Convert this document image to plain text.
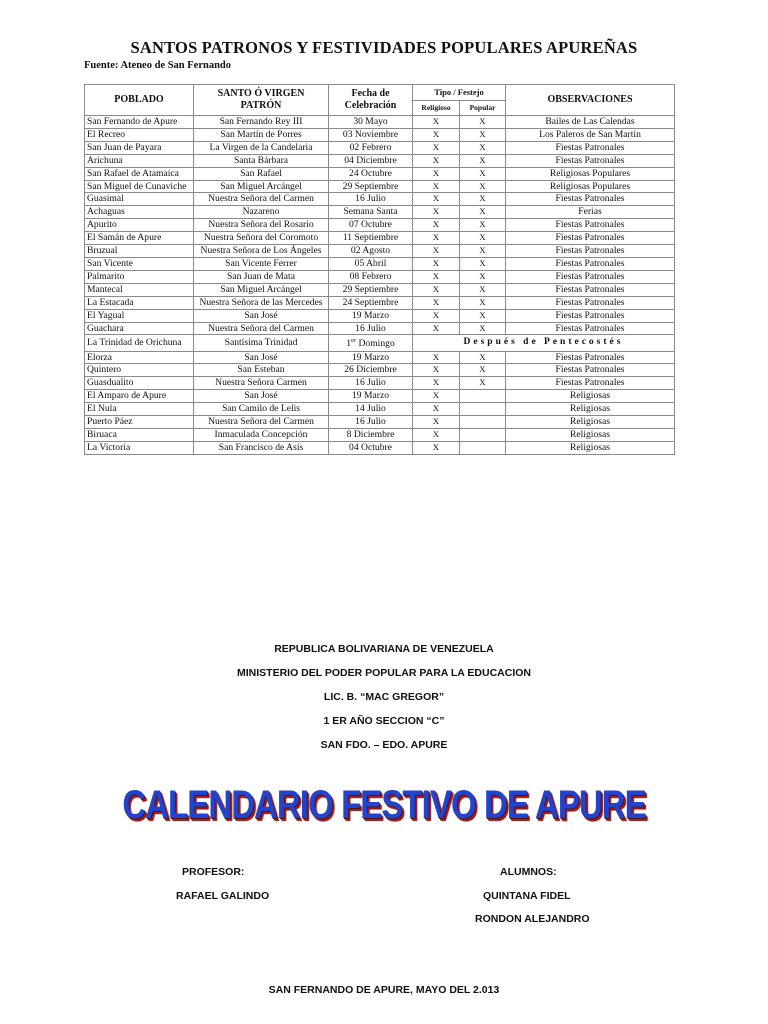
SANTOS PATRONOS Y FESTIVIDADES POPULARES APUREÑAS
Fuente: Ateneo de San Fernando
POBLADO	SANTO Ó VIRGEN PATRÓN	Fecha de Celebración	Tipo / Festejo		OBSERVACIONES
			Religioso	Popular	
San Fernando de Apure	San Fernando Rey III	30 Mayo	X	X	Bailes de Las Calendas
El Recreo	San Martín de Porres	03 Noviembre	X	X	Los Paleros de San Martín
San Juan de Payara	La Virgen de la Candelaria	02 Febrero	X	X	Fiestas Patronales
Arichuna	Santa Bárbara	04 Diciembre	X	X	Fiestas Patronales
San Rafael de Atamaica	San Rafael	24 Octubre	X	X	Religiosas Populares
San Miguel de Cunaviche	San Miguel Arcángel	29 Septiembre	X	X	Religiosas Populares
Guasimal	Nuestra Señora del Carmen	16 Julio	X	X	Fiestas Patronales
Achaguas	Nazareno	Semana Santa	X	X	Ferias
Apurito	Nuestra Señora del Rosario	07 Octubre	X	X	Fiestas Patronales
El Samán de Apure	Nuestra Señora del Coromoto	11 Septiembre	X	X	Fiestas Patronales
Bruzual	Nuestra Señora de Los Ángeles	02 Agosto	X	X	Fiestas Patronales
San Vicente	San Vicente Ferrer	05 Abril	X	X	Fiestas Patronales
Palmarito	San Juan de Mata	08 Febrero	X	X	Fiestas Patronales
Mantecal	San Miguel Arcángel	29 Septiembre	X	X	Fiestas Patronales
La Estacada	Nuestra Señora de las Mercedes	24 Septiembre	X	X	Fiestas Patronales
El Yagual	San José	19 Marzo	X	X	Fiestas Patronales
Guachara	Nuestra Señora del Carmen	16 Julio	X	X	Fiestas Patronales
La Trinidad de Orichuna	Santísima Trinidad	1er Domingo	Después de Pentecostés		
Elorza	San José	19 Marzo	X	X	Fiestas Patronales
Quintero	San Esteban	26 Diciembre	X	X	Fiestas Patronales
Guasdualito	Nuestra Señora Carmen	16 Julio	X	X	Fiestas Patronales
El Amparo de Apure	San José	19 Marzo	X		Religiosas
El Nula	San Camilo de Lelis	14 Julio	X		Religiosas
Puerto Páez	Nuestra Señora del Carmen	16 Julio	X		Religiosas
Biruaca	Inmaculada Concepción	8 Diciembre	X		Religiosas
La Victoria	San Francisco de Asís	04 Octubre	X		Religiosas
REPUBLICA BOLIVARIANA DE VENEZUELA
MINISTERIO DEL PODER POPULAR PARA LA EDUCACION
LIC. B. “MAC GREGOR”
1 ER AÑO SECCION “C”
SAN FDO. – EDO. APURE
CALENDARIO FESTIVO DE APURE
PROFESOR:
RAFAEL GALINDO
ALUMNOS:
QUINTANA FIDEL
RONDON ALEJANDRO
SAN FERNANDO DE APURE, MAYO DEL 2.013
